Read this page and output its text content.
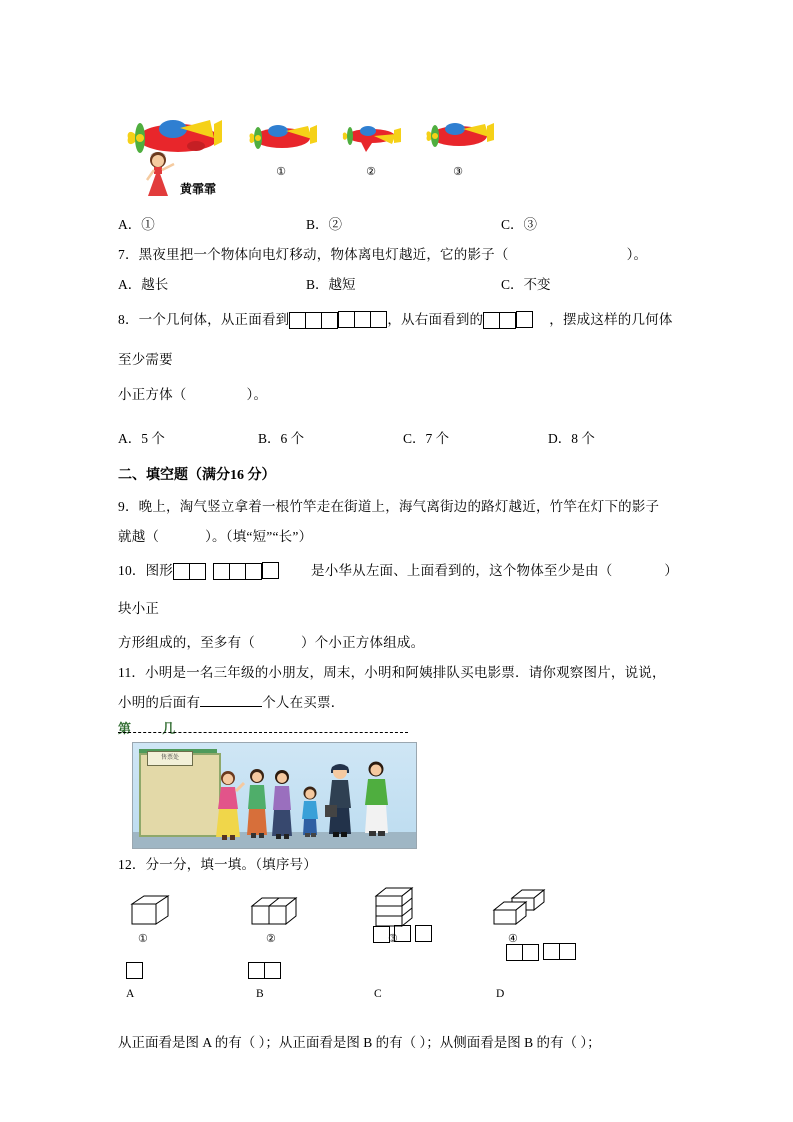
①	②	③
黄霏霏
A．①	B．②	C．③
7．黑夜里把一个物体向电灯移动，物体离电灯越近，它的影子（	）。
A．越长	B．越短	C．不变
8．一个几何体，从正面看到	，从右面看到的	，摆成这样的几何体至少需要
小正方体（	）。
A．5 个	B．6 个	C．7 个	D．8 个
二、填空题（满分16 分）
9．晚上，淘气竖立拿着一根竹竿走在街道上，海气离街边的路灯越近，竹竿在灯下的影子
就越（	）。（填“短”“长”）
10．图形	是小华从左面、上面看到的，这个物体至少是由（	）块小正
方形组成的，至多有（	）个小正方体组成。
11．小明是一名三年级的小朋友，周末，小明和阿姨排队买电影票．请你观察图片，说说，
小明的后面有	个人在买票．
第 几
售票处
12．分一分，填一填。（填序号）
①	②	③	④
A	B
	C
	D
从正面看是图 A 的有（ ）；从正面看是图 B 的有（ ）；从侧面看是图 B 的有（ ）；
